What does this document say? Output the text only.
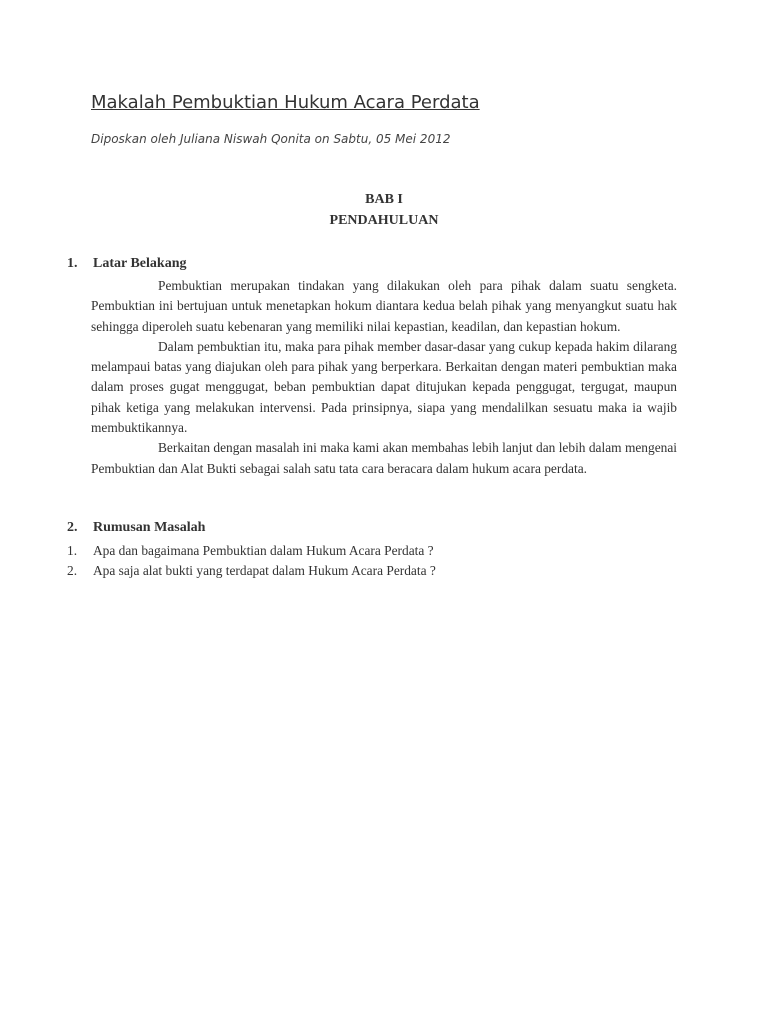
Makalah Pembuktian Hukum Acara Perdata
Diposkan oleh Juliana Niswah Qonita on Sabtu, 05 Mei 2012
BAB I
PENDAHULUAN
1. Latar Belakang

Pembuktian merupakan tindakan yang dilakukan oleh para pihak dalam suatu sengketa. Pembuktian ini bertujuan untuk menetapkan hokum diantara kedua belah pihak yang menyangkut suatu hak sehingga diperoleh suatu kebenaran yang memiliki nilai kepastian, keadilan, dan kepastian hokum.

Dalam pembuktian itu, maka para pihak member dasar-dasar yang cukup kepada hakim dilarang melampaui batas yang diajukan oleh para pihak yang berperkara. Berkaitan dengan materi pembuktian maka dalam proses gugat menggugat, beban pembuktian dapat ditujukan kepada penggugat, tergugat, maupun pihak ketiga yang melakukan intervensi. Pada prinsipnya, siapa yang mendalilkan sesuatu maka ia wajib membuktikannya.

Berkaitan dengan masalah ini maka kami akan membahas lebih lanjut dan lebih dalam mengenai Pembuktian dan Alat Bukti sebagai salah satu tata cara beracara dalam hukum acara perdata.

2. Rumusan Masalah
1. Apa dan bagaimana Pembuktian dalam Hukum Acara Perdata ?
2. Apa saja alat bukti yang terdapat dalam Hukum Acara Perdata ?
